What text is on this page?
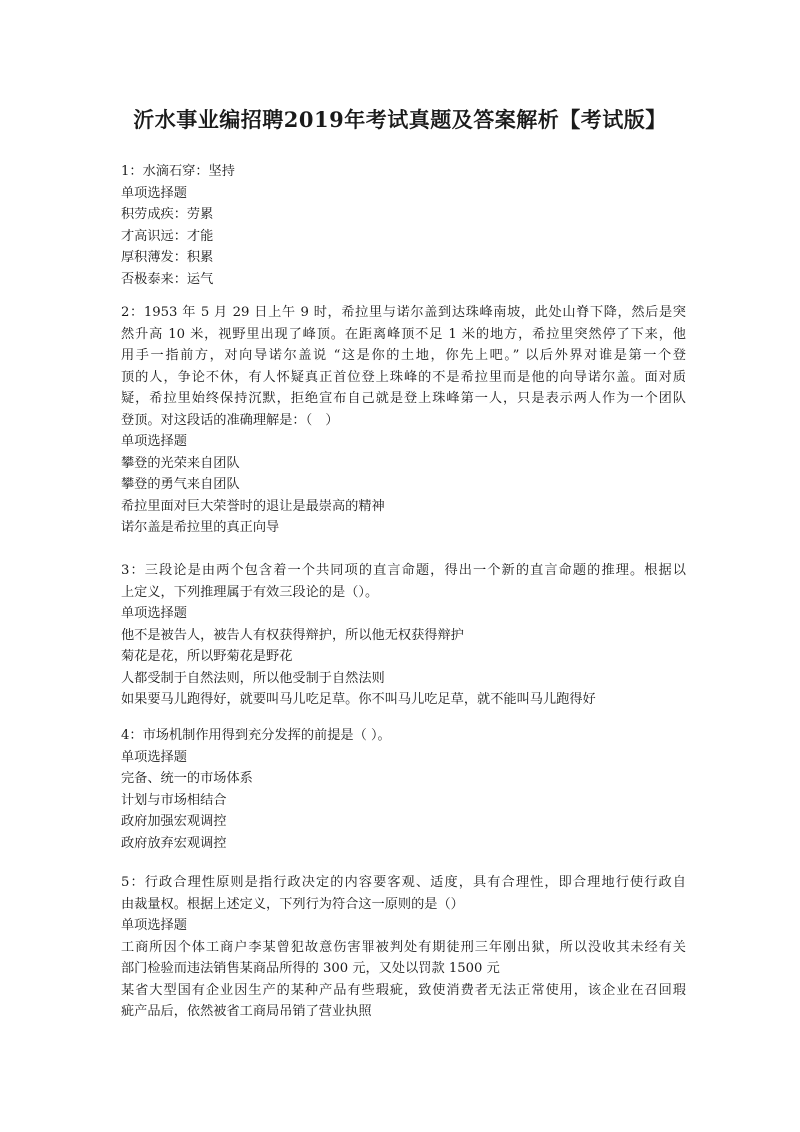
沂水事业编招聘2019年考试真题及答案解析【考试版】

1：水滴石穿：坚持

单项选择题

积劳成疾：劳累

才高识远：才能

厚积薄发：积累

否极泰来：运气

2：1953 年 5 月 29 日上午 9 时，希拉里与诺尔盖到达珠峰南坡，此处山脊下降，然后是突

然升高 10 米，视野里出现了峰顶。在距离峰顶不足 1 米的地方，希拉里突然停了下来，他

用手一指前方，对向导诺尔盖说 “这是你的土地，你先上吧。” 以后外界对谁是第一个登

顶的人，争论不休，有人怀疑真正首位登上珠峰的不是希拉里而是他的向导诺尔盖。面对质

疑，希拉里始终保持沉默，拒绝宣布自己就是登上珠峰第一人，只是表示两人作为一个团队

登顶。对这段话的准确理解是：（　）

单项选择题

攀登的光荣来自团队

攀登的勇气来自团队

希拉里面对巨大荣誉时的退让是最崇高的精神

诺尔盖是希拉里的真正向导

3：三段论是由两个包含着一个共同项的直言命题，得出一个新的直言命题的推理。根据以

上定义，下列推理属于有效三段论的是（）。

单项选择题

他不是被告人，被告人有权获得辩护，所以他无权获得辩护

菊花是花，所以野菊花是野花

人都受制于自然法则，所以他受制于自然法则

如果要马儿跑得好，就要叫马儿吃足草。你不叫马儿吃足草，就不能叫马儿跑得好

4：市场机制作用得到充分发挥的前提是（ ）。

单项选择题

完备、统一的市场体系

计划与市场相结合

政府加强宏观调控

政府放弃宏观调控

5：行政合理性原则是指行政决定的内容要客观、适度，具有合理性，即合理地行使行政自

由裁量权。根据上述定义，下列行为符合这一原则的是（）

单项选择题

工商所因个体工商户李某曾犯故意伤害罪被判处有期徒刑三年刚出狱，所以没收其未经有关

部门检验而违法销售某商品所得的 300 元，又处以罚款 1500 元

某省大型国有企业因生产的某种产品有些瑕疵，致使消费者无法正常使用，该企业在召回瑕

疵产品后，依然被省工商局吊销了营业执照
